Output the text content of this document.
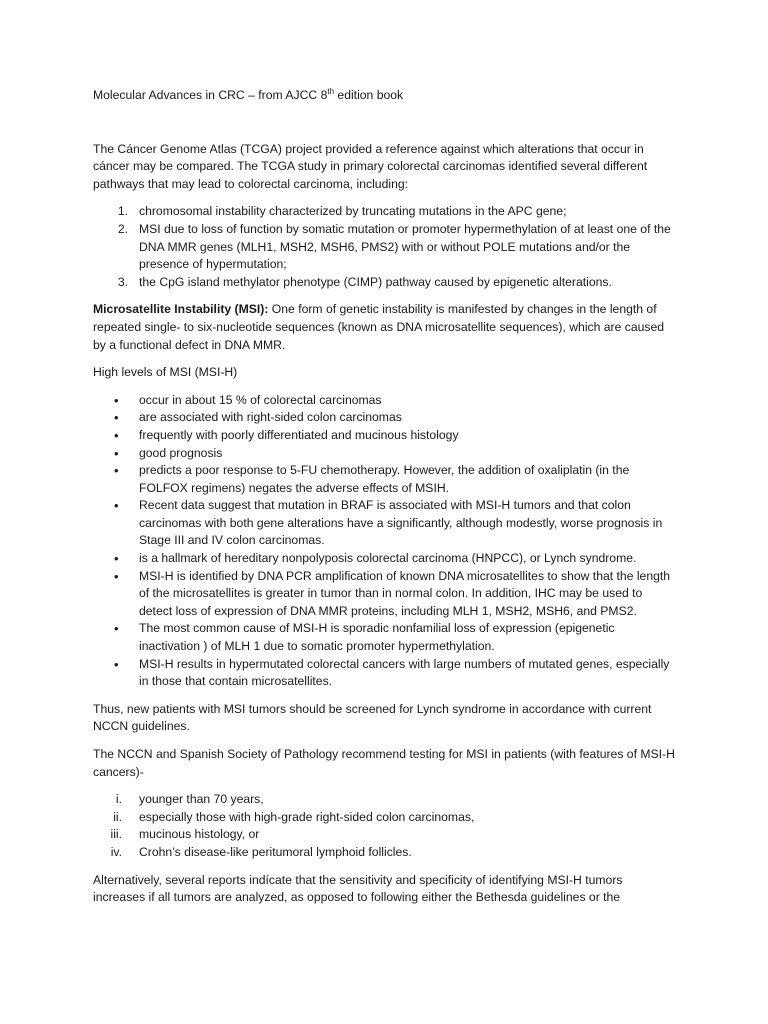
Molecular Advances in CRC – from AJCC 8th edition book

The Cáncer Genome Atlas (TCGA) project provided a reference against which alterations that occur in cáncer may be compared. The TCGA study in primary colorectal carcinomas identified several different pathways that may lead to colorectal carcinoma, including:

1. chromosomal instability characterized by truncating mutations in the APC gene;
2. MSI due to loss of function by somatic mutation or promoter hypermethylation of at least one of the DNA MMR genes (MLH1, MSH2, MSH6, PMS2) with or without POLE mutations and/or the presence of hypermutation;
3. the CpG island methylator phenotype (CIMP) pathway caused by epigenetic alterations.

Microsatellite Instability (MSI): One form of genetic instability is manifested by changes in the length of repeated single- to six-nucleotide sequences (known as DNA microsatellite sequences), which are caused by a functional defect in DNA MMR.

High levels of MSI (MSI-H)

• occur in about 15 % of colorectal carcinomas
• are associated with right-sided colon carcinomas
• frequently with poorly differentiated and mucinous histology
• good prognosis
• predicts a poor response to 5-FU chemotherapy. However, the addition of oxaliplatin (in the FOLFOX regimens) negates the adverse effects of MSIH.
• Recent data suggest that mutation in BRAF is associated with MSI-H tumors and that colon carcinomas with both gene alterations have a significantly, although modestly, worse prognosis in Stage III and IV colon carcinomas.
• is a hallmark of hereditary nonpolyposis colorectal carcinoma (HNPCC), or Lynch syndrome.
• MSI-H is identified by DNA PCR amplification of known DNA microsatellites to show that the length of the microsatellites is greater in tumor than in normal colon. In addition, IHC may be used to detect loss of expression of DNA MMR proteins, including MLH 1, MSH2, MSH6, and PMS2.
• The most common cause of MSI-H is sporadic nonfamilial loss of expression (epigenetic inactivation ) of MLH 1 due to somatic promoter hypermethylation.
• MSI-H results in hypermutated colorectal cancers with large numbers of mutated genes, especially in those that contain microsatellites.

Thus, new patients with MSI tumors should be screened for Lynch syndrome in accordance with current NCCN guidelines.

The NCCN and Spanish Society of Pathology recommend testing for MSI in patients (with features of MSI-H cancers)-

i. younger than 70 years,
ii. especially those with high-grade right-sided colon carcinomas,
iii. mucinous histology, or
iv. Crohn’s disease-like peritumoral lymphoid follicles.

Alternatively, several reports indícate that the sensitivity and specificity of identifying MSI-H tumors increases if all tumors are analyzed, as opposed to following either the Bethesda guidelines or the
